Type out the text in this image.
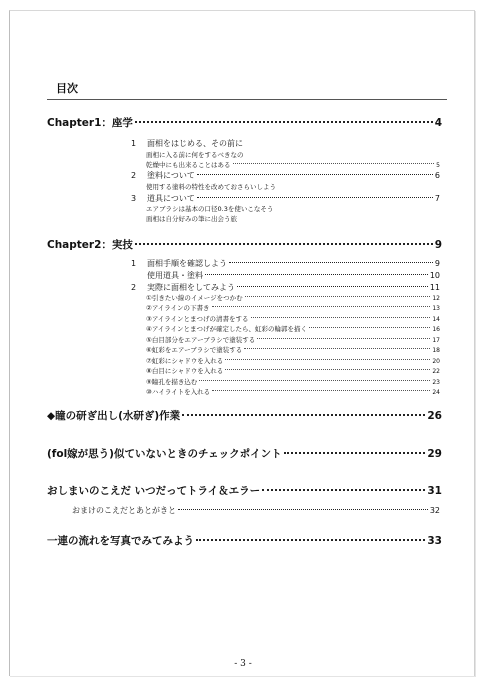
目次
Chapter1：座学	4
1	面相をはじめる、その前に
面相に入る前に何をするべきなの
乾燥中にも出来ることはある	5
2	塗料について	6
使用する塗料の特性を改めておさらいしよう
3	道具について	7
エアブラシは基本の口径0.3を使いこなそう
面相は自分好みの筆に出会う旅
Chapter2：実技	9
1	面相手順を確認しよう	9
使用道具・塗料	10
2	実際に面相をしてみよう	11
①引きたい線のイメージをつかむ	12
②アイラインの下書き	13
③アイラインとまつげの清書をする	14
④アイラインとまつげが確定したら、虹彩の輪郭を描く	16
⑤白目部分をエアーブラシで塗装する	17
⑥虹彩をエアーブラシで塗装する	18
⑦虹彩にシャドウを入れる	20
⑧白目にシャドウを入れる	22
⑨瞳孔を描き込む	23
⑩ハイライトを入れる	24
◆瞳の研ぎ出し(水研ぎ)作業	26
(fol嫁が思う)似ていないときのチェックポイント	29
おしまいのこえだ いつだってトライ＆エラー	31
おまけのこえだとあとがきと	32
一連の流れを写真でみてみよう	33
- 3 -
